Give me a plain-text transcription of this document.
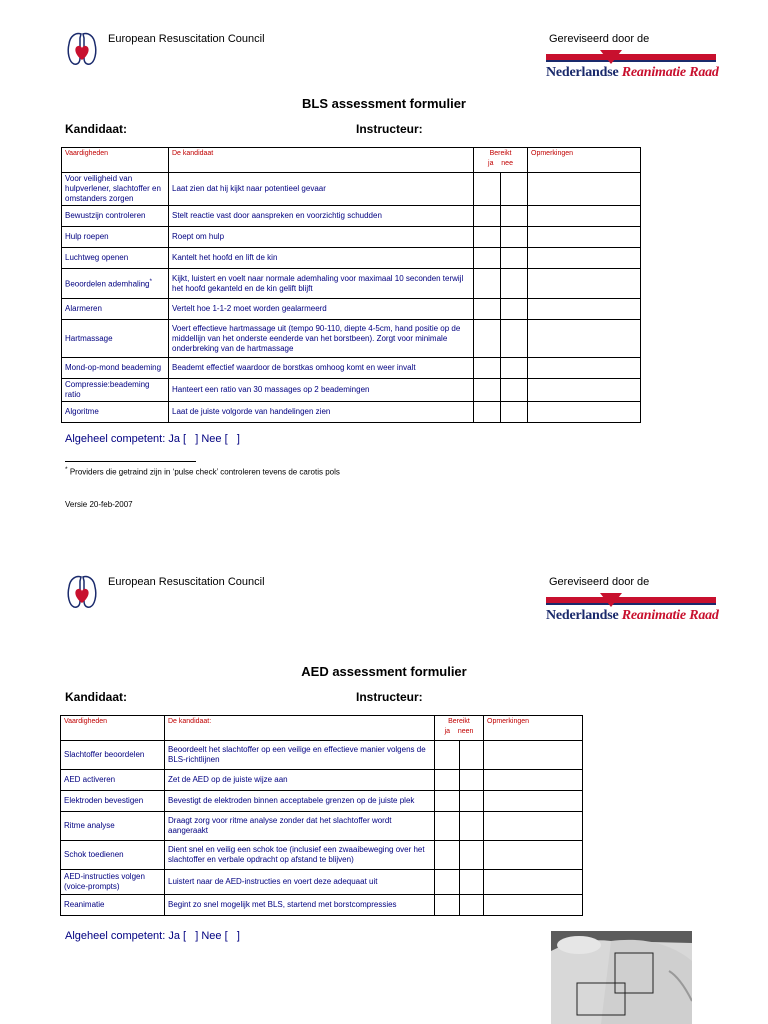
European Resuscitation Council	Gereviseerd door de
Nederlandse Reanimatie Raad
BLS assessment formulier
Kandidaat:	Instructeur:
Vaardigheden	De kandidaat	Bereikt
ja nee		Opmerkingen
Voor veiligheid van hulpverlener, slachtoffer en omstanders zorgen	Laat zien dat hij kijkt naar potentieel gevaar			
Bewustzijn controleren	Stelt reactie vast door aanspreken en voorzichtig schudden			
Hulp roepen	Roept om hulp			
Luchtweg openen	Kantelt het hoofd en lift de kin			
Beoordelen ademhaling*	Kijkt, luistert en voelt naar normale ademhaling voor maximaal 10 seconden terwijl het hoofd gekanteld en de kin gelift blijft			
Alarmeren	Vertelt hoe 1-1-2 moet worden gealarmeerd			
Hartmassage	Voert effectieve hartmassage uit (tempo 90-110, diepte 4-5cm, hand positie op de middellijn van het onderste eenderde van het borstbeen). Zorgt voor minimale onderbreking van de hartmassage			
Mond-op-mond beademing	Beademt effectief waardoor de borstkas omhoog komt en weer invalt			
Compressie:beademing ratio	Hanteert een ratio van 30 massages op 2 beademingen			
Algoritme	Laat de juiste volgorde van handelingen zien			
Algeheel competent: Ja [   ] Nee [   ]
* Providers die getraind zijn in ‘pulse check’ controleren tevens de carotis pols
Versie 20-feb-2007
European Resuscitation Council	Gereviseerd door de
Nederlandse Reanimatie Raad
AED assessment formulier
Kandidaat:	Instructeur:
Vaardigheden	De kandidaat:	Bereikt
ja neen		Opmerkingen
Slachtoffer beoordelen	Beoordeelt het slachtoffer op een veilige en effectieve manier volgens de BLS-richtlijnen			
AED activeren	Zet de AED op de juiste wijze aan			
Elektroden bevestigen	Bevestigt de elektroden binnen acceptabele grenzen op de juiste plek			
Ritme analyse	Draagt zorg voor ritme analyse zonder dat het slachtoffer wordt aangeraakt			
Schok toedienen	Dient snel en veilig een schok toe (inclusief een zwaaibeweging over het slachtoffer en verbale opdracht op afstand te blijven)			
AED-instructies volgen (voice-prompts)	Luistert naar de AED-instructies en voert deze adequaat uit			
Reanimatie	Begint zo snel mogelijk met BLS, startend met borstcompressies			
Algeheel competent: Ja [   ] Nee [   ]
